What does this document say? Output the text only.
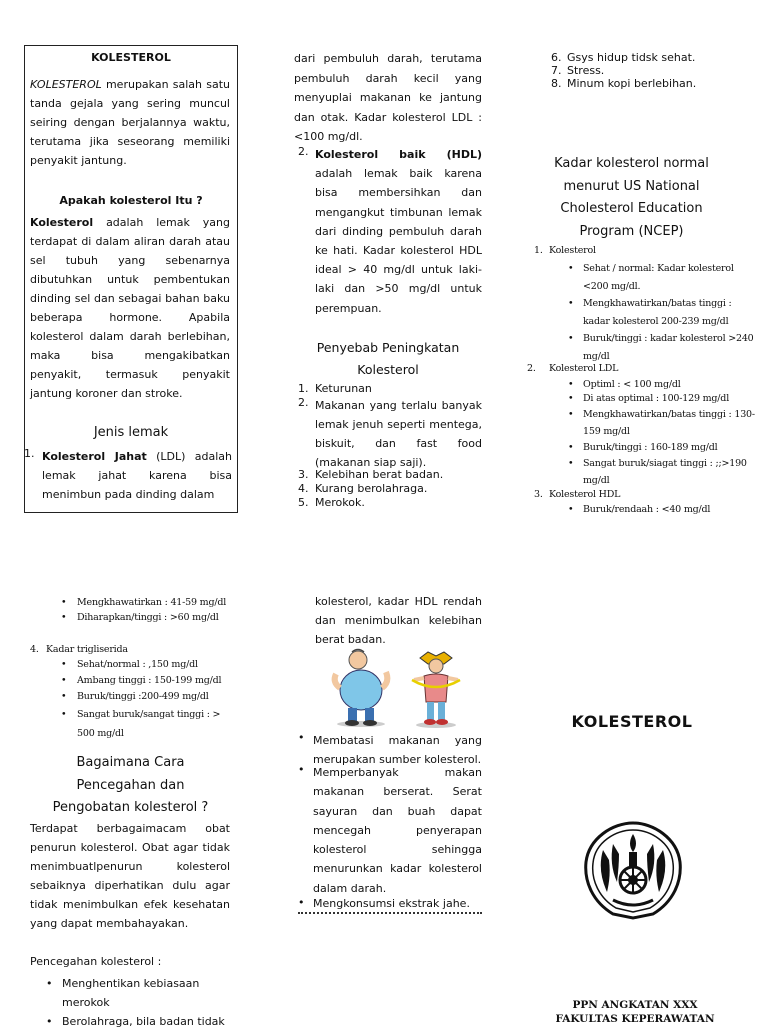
KOLESTEROL
KOLESTEROL merupakan salah satu tanda gejala yang sering muncul seiring dengan berjalannya waktu, terutama jika seseorang memiliki penyakit jantung.
Apakah kolesterol Itu ?
Kolesterol adalah lemak yang terdapat di dalam aliran darah atau sel tubuh yang sebenarnya dibutuhkan untuk pembentukan dinding sel dan sebagai bahan baku beberapa hormone. Apabila kolesterol dalam darah berlebihan, maka bisa mengakibatkan penyakit, termasuk penyakit jantung koroner dan stroke.
Jenis lemak
1. Kolesterol Jahat (LDL) adalah lemak jahat karena bisa menimbun pada dinding dalam
dari pembuluh darah, terutama pembuluh darah kecil yang menyuplai makanan ke jantung dan otak. Kadar kolesterol LDL : <100 mg/dl.
2. Kolesterol baik (HDL) adalah lemak baik karena bisa membersihkan dan mengangkut timbunan lemak dari dinding pembuluh darah ke hati. Kadar kolesterol HDL ideal > 40 mg/dl untuk laki-laki dan >50 mg/dl untuk perempuan.
Penyebab Peningkatan Kolesterol
1. Keturunan
2. Makanan yang terlalu banyak lemak jenuh seperti mentega, biskuit, dan fast food (makanan siap saji).
3. Kelebihan berat badan.
4. Kurang berolahraga.
5. Merokok.
6. Gsys hidup tidsk sehat.
7. Stress.
8. Minum kopi berlebihan.
Kadar kolesterol normal menurut US National Cholesterol Education Program (NCEP)
1. Kolesterol
• Sehat / normal: Kadar kolesterol <200 mg/dl.
• Mengkhawatirkan/batas tinggi : kadar kolesterol 200-239 mg/dl
• Buruk/tinggi : kadar kolesterol >240 mg/dl
2. Kolesterol LDL
• Optiml : < 100 mg/dl
• Di atas optimal : 100-129 mg/dl
• Mengkhawatirkan/batas tinggi : 130-159 mg/dl
• Buruk/tinggi : 160-189 mg/dl
• Sangat buruk/siagat tinggi : ;;>190 mg/dl
3. Kolesterol HDL
• Buruk/rendaah : <40 mg/dl
• Mengkhawatirkan : 41-59 mg/dl
• Diharapkan/tinggi : >60 mg/dl
4. Kadar trigliserida
• Sehat/normal : ,150 mg/dl
• Ambang tinggi : 150-199 mg/dl
• Buruk/tinggi :200-499 mg/dl
• Sangat buruk/sangat tinggi : > 500 mg/dl
Bagaimana Cara Pencegahan dan Pengobatan kolesterol ?
Terdapat berbagaimacam obat penurun kolesterol. Obat agar tidak menimbuatlpenurun kolesterol sebaiknya diperhatikan dulu agar tidak menimbulkan efek kesehatan yang dapat membahayakan.
Pencegahan kolesterol :
• Menghentikan kebiasaan merokok
• Berolahraga, bila badan tidak
kolesterol, kadar HDL rendah dan menimbulkan kelebihan berat badan.
• Membatasi makanan yang merupakan sumber kolesterol.
• Memperbanyak makan makanan berserat. Serat sayuran dan buah dapat mencegah penyerapan kolesterol sehingga menurunkan kadar kolesterol dalam darah.
• Mengkonsumsi ekstrak jahe.
KOLESTEROL
PPN ANGKATAN XXX
FAKULTAS KEPERAWATAN
